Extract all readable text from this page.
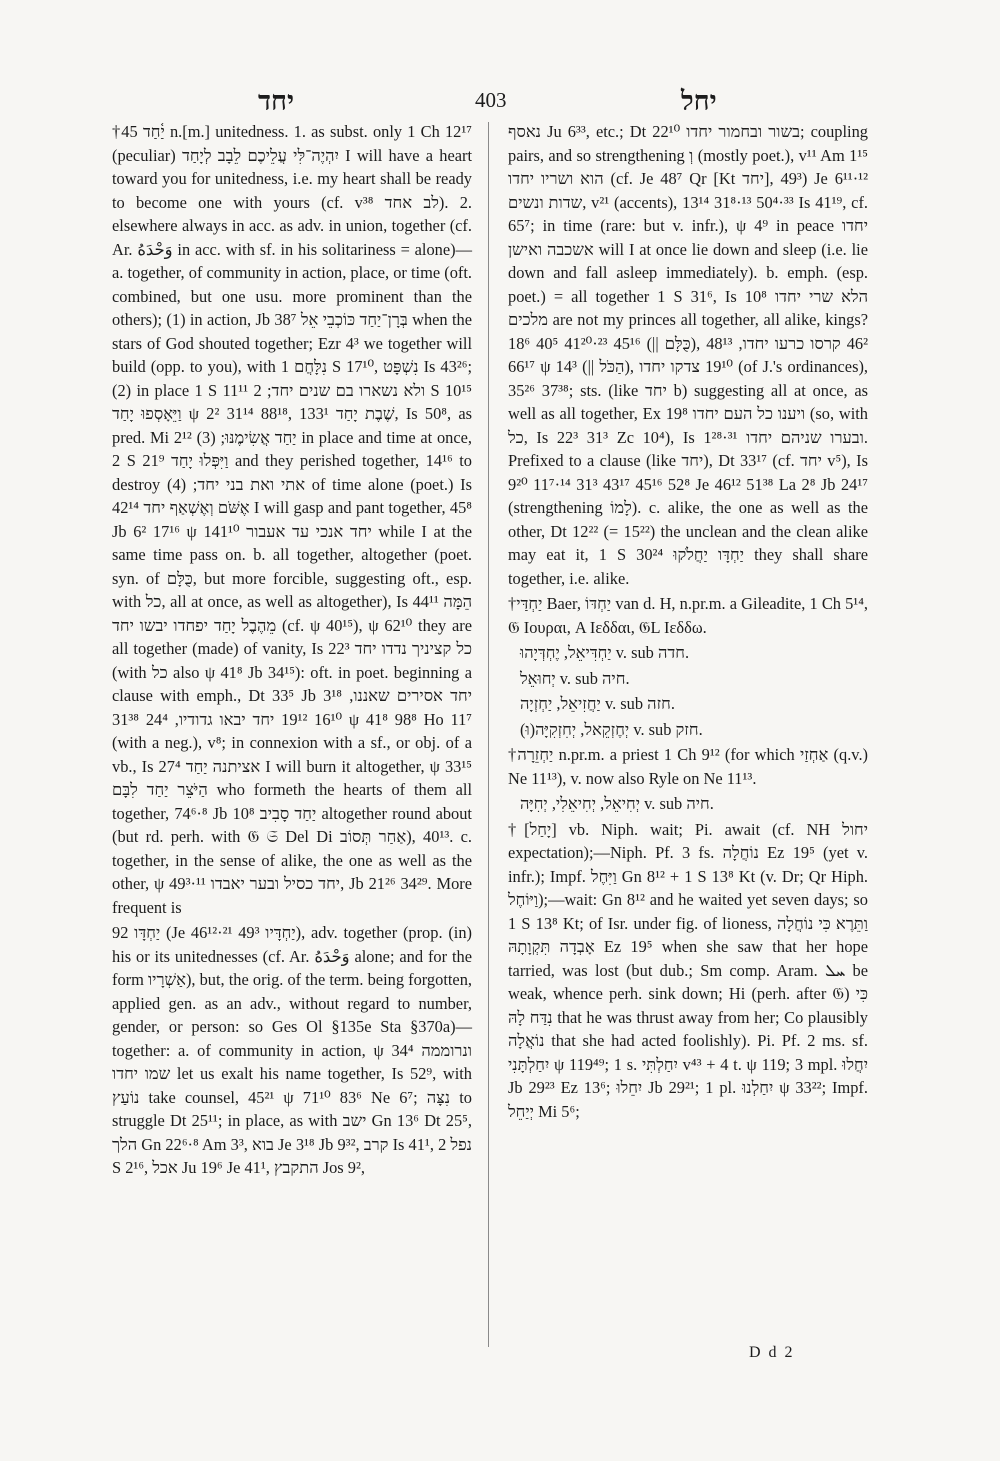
יחד	403	יחל

†יַ֫חַד 45 n.[m.] unitedness. 1. as subst. only 1 Ch 12¹⁷ (peculiar) יִהְיֶה־לִּי עֲלֵיכֶם לֵבָב לְיָחַד I will have a heart toward you for unitedness, i.e. my heart shall be ready to become one with yours (cf. v³⁸ לב אחד). 2. elsewhere always in acc. as adv. in union, together (cf. Ar. وَحْدَهُ in acc. with sf. in his solitariness = alone)—a. together, of community in action, place, or time (oft. combined, but one usu. more prominent than the others); (1) in action, Jb 38⁷ בְּרָן־יַחַד כּוֹכְבֵי אֵל when the stars of God shouted together; Ezr 4³ we together will build (opp. to you), with נִלָּחֲם 1 S 17¹⁰, נִשְׁפָּט Is 43²⁶; (2) in place 1 S 11¹¹ ולא נשארו בם שנים יחד; 2 S 10¹⁵ וַיֵּאָסְפוּ יָחַד ψ 2² 31¹⁴ 88¹⁸, 133¹ שֶׁבֶת יָחַד, Is 50⁸, as pred. Mi 2¹² יַחַד אֲשִׂימֶנּוּ; (3) in place and time at once, 2 S 21⁹ וַיִּפְּלוּ יָחַד and they perished together, 14¹⁶ to destroy אתי ואת בני יחד; (4) of time alone (poet.) Is 42¹⁴ אֶשֹּׁם וְאֶשְׁאַף יחד I will gasp and pant together, 45⁸ Jb 6² 17¹⁶ ψ 141¹⁰ יחד אנכי עד אעבור while I at the same time pass on. b. all together, altogether (poet. syn. of כֻּלָּם, but more forcible, suggesting oft., esp. with כל, all at once, as well as altogether), Is 44¹¹ הֵמָּה מֵהֶבֶל יָחַד יפחדו יבשו יחד (cf. ψ 40¹⁵), ψ 62¹⁰ they are all together (made) of vanity, Is 22³ כל קציניך נדדו יחד (with כל also ψ 41⁸ Jb 34¹⁵): oft. in poet. beginning a clause with emph., Dt 33⁵ Jb 3¹⁸ יחד אסירים שאננו, 16¹⁰ 19¹² יחד יבאו גדודיו, 24⁴ 31³⁸ ψ 41⁸ 98⁸ Ho 11⁷ (with a neg.), v⁸; in connexion with a sf., or obj. of a vb., Is 27⁴ אציתנה יַחַד I will burn it altogether, ψ 33¹⁵ הַיֹּצֵר יַחַד לִבָּם who formeth the hearts of them all together, 74⁶·⁸ Jb 10⁸ יַחַד סָבִיב altogether round about (but rd. perh. with 𝔊 𝔖 Del Di אַחַר תְּסוֹב), 40¹³. c. together, in the sense of alike, the one as well as the other, ψ 49³·¹¹ יחד כסיל ובער יאבדו, Jb 21²⁶ 34²⁹. More frequent is

יַחְדָּו 92 (Je 46¹²·²¹ 49³ יַחְדָּיו), adv. together (prop. (in) his or its unitednesses (cf. Ar. وَحْدَهُ alone; and for the form אַשְׁרָיו), but, the orig. of the term. being forgotten, applied gen. as an adv., without regard to number, gender, or person: so Ges Ol §135e Sta §370a)—together: a. of community in action, ψ 34⁴ ונרוממה שמו יחדו let us exalt his name together, Is 52⁹, with נוֹעַץ take counsel, 45²¹ ψ 71¹⁰ 83⁶ Ne 6⁷; נִצָּה to struggle Dt 25¹¹; in place, as with ישב Gn 13⁶ Dt 25⁵, הלך Gn 22⁶·⁸ Am 3³, בוא Je 3¹⁸ Jb 9³², קרב Is 41¹, נפל 2 S 2¹⁶, אכל Ju 19⁶ Je 41¹, התקבץ Jos 9²,

נאסף Ju 6³³, etc.; Dt 22¹⁰ בשור ובחמור יחדו; coupling pairs, and so strengthening וְ (mostly poet.), v¹¹ Am 1¹⁵ הוא ושריו יחדו (cf. Je 48⁷ Qr [Kt יחד], 49³) Je 6¹¹·¹² שדות ונשים, v²¹ (accents), 13¹⁴ 31⁸·¹³ 50⁴·³³ Is 41¹⁹, cf. 65⁷; in time (rare: but v. infr.), ψ 4⁹ in peace יחדו אשכבה ואישן will I at once lie down and sleep (i.e. lie down and fall asleep immediately). b. emph. (esp. poet.) = all together 1 S 31⁶, Is 10⁸ הלא שרי יחדו מלכים are not my princes all together, all alike, kings? 18⁶ 40⁵ 41²⁰·²³ 45¹⁶ (|| כֻּלָּם), 46² קרסו כרעו יחדו, 48¹³ 66¹⁷ ψ 14³ (|| הַכֹּל), 19¹⁰ צדקו יחדו (of J.'s ordinances), 35²⁶ 37³⁸; sts. (like יחד b) suggesting all at once, as well as all together, Ex 19⁸ ויענו כל העם יחדו (so, with כל, Is 22³ 31³ Zc 10⁴), Is 1²⁸·³¹ ובערו שניהם יחדו. Prefixed to a clause (like יחד), Dt 33¹⁷ (cf. יחד v⁵), Is 9²⁰ 11⁷·¹⁴ 31³ 43¹⁷ 45¹⁶ 52⁸ Je 46¹² 51³⁸ La 2⁸ Jb 24¹⁷ (strengthening לָמוֹ). c. alike, the one as well as the other, Dt 12²² (= 15²²) the unclean and the clean alike may eat it, 1 S 30²⁴ יַחְדָּו יַחֲלֹקוּ they shall share together, i.e. alike.

†יַחְדַּי Baer, יַחְדּוֹ van d. H, n.pr.m. a Gileadite, 1 Ch 5¹⁴, 𝔊 Ιουραι, A Ιεδδαι, 𝔊L Ιεδδω.

יַחְדִּיאֵל, יֶחְדְּיָהוּ v. sub חדה.

יְחוּאֵל v. sub חיה.

יַחֲזִיאֵל, יַחְזְיָה v. sub חזה.

יְחֶזְקֵאל, יְחִזְקִיָּה(וּ) v. sub חזק.

†יַחְזֵרָה n.pr.m. a priest 1 Ch 9¹² (for which אַחְזַי (q.v.) Ne 11¹³), v. now also Ryle on Ne 11¹³.

יְחִיאֵל, יְחִיאֵלִי, יְחִיָּה v. sub חיה.

†[יָחַל] vb. Niph. wait; Pi. await (cf. NH יחול expectation);—Niph. Pf. 3 fs. נוֹחֲלָה Ez 19⁵ (yet v. infr.); Impf. וַיִּחֶל Gn 8¹² + 1 S 13⁸ Kt (v. Dr; Qr Hiph. וַיּוֹחֶל);—wait: Gn 8¹² and he waited yet seven days; so 1 S 13⁸ Kt; of Isr. under fig. of lioness, וַתֵּרֶא כִּי נוֹחֲלָה אָבְדָה תִּקְוָתָהּ Ez 19⁵ when she saw that her hope tarried, was lost (but dub.; Sm comp. Aram. ܚܠ be weak, whence perh. sink down; Hi (perh. after 𝔊) כִּי נִדַּח לָהּ that he was thrust away from her; Co plausibly נוֹאֲלָה that she had acted foolishly). Pi. Pf. 2 ms. sf. יִחַלְתָּנִי ψ 119⁴⁹; 1 s. יִחַלְתִּי v⁴³ + 4 t. ψ 119; 3 mpl. יִחֲלוּ Jb 29²³ Ez 13⁶; יִחֵלוּ Jb 29²¹; 1 pl. יִחַלְנוּ ψ 33²²; Impf. יְיַחֵל Mi 5⁶;

D d 2
